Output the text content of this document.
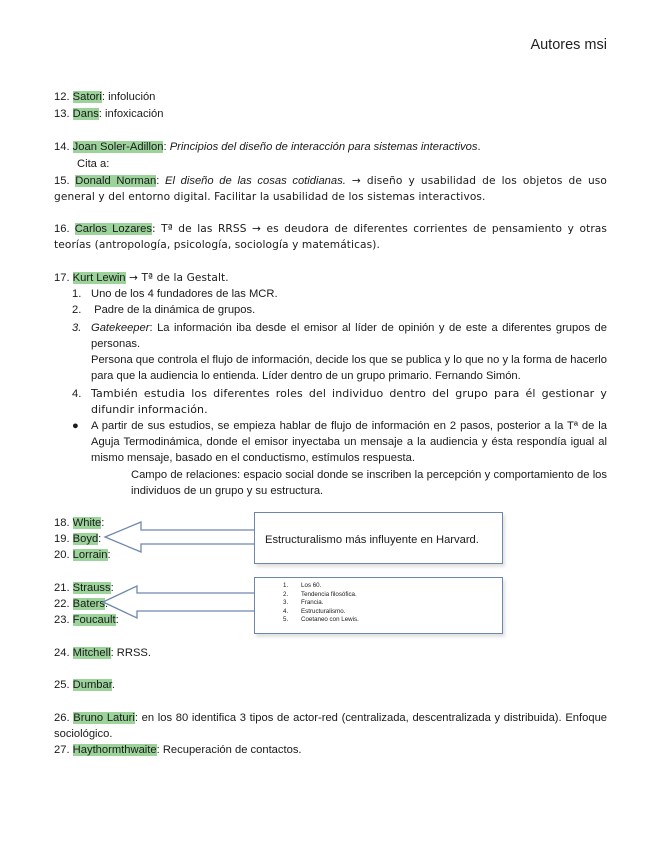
Autores msi
12. Satori: infolución
13. Dans: infoxicación
14. Joan Soler-Adillon: Principios del diseño de interacción para sistemas interactivos.
Cita a:
15. Donald Norman: El diseño de las cosas cotidianas. → diseño y usabilidad de los objetos de uso general y del entorno digital. Facilitar la usabilidad de los sistemas interactivos.
16. Carlos Lozares: Tª de las RRSS → es deudora de diferentes corrientes de pensamiento y otras teorías (antropología, psicología, sociología y matemáticas).
17. Kurt Lewin → Tª de la Gestalt.
1. Uno de los 4 fundadores de las MCR.
2. Padre de la dinámica de grupos.
3. Gatekeeper: La información iba desde el emisor al líder de opinión y de este a diferentes grupos de personas.
Persona que controla el flujo de información, decide los que se publica y lo que no y la forma de hacerlo para que la audiencia lo entienda. Líder dentro de un grupo primario. Fernando Simón.
4. También estudia los diferentes roles del individuo dentro del grupo para él gestionar y difundir información.
●	A partir de sus estudios, se empieza hablar de flujo de información en 2 pasos, posterior a la Tª de la Aguja Termodinámica, donde el emisor inyectaba un mensaje a la audiencia y ésta respondía igual al mismo mensaje, basado en el conductismo, estímulos respuesta.
Campo de relaciones: espacio social donde se inscriben la percepción y comportamiento de los individuos de un grupo y su estructura.
18. White:
19. Boyd:
20. Lorrain:
21. Strauss:
22. Baters
23. Foucault:
Estructuralismo más influyente en Harvard.
1. Los 60.
2. Tendencia filosófica.
3. Francia.
4. Estructuralismo.
5. Coetaneo con Lewis.
24. Mitchell: RRSS.
25. Dumbar.
26. Bruno Laturi: en los 80 identifica 3 tipos de actor-red (centralizada, descentralizada y distribuida). Enfoque sociológico.
27. Haythormthwaite: Recuperación de contactos.
